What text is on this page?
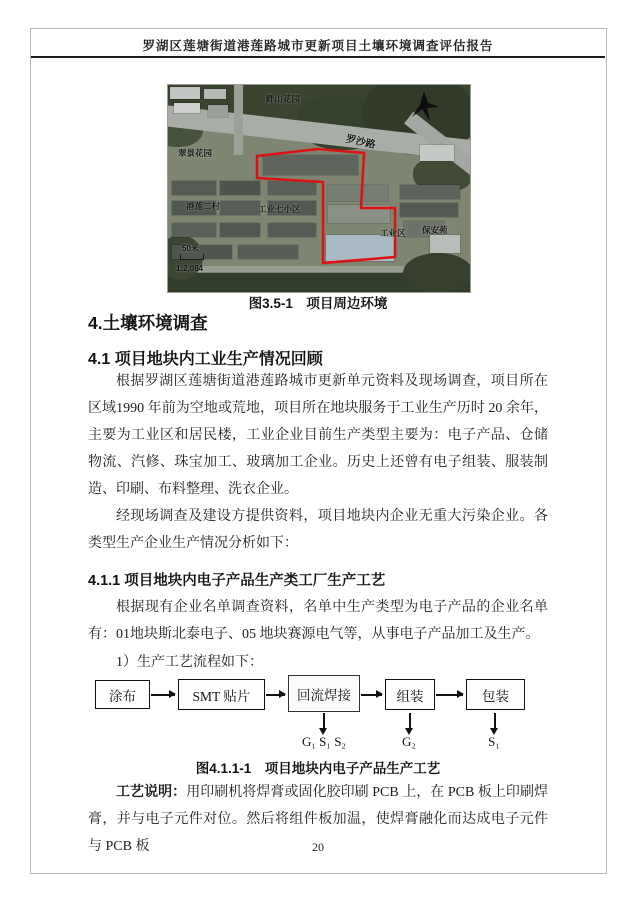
罗湖区莲塘街道港莲路城市更新项目土壤环境调查评估报告
罗沙路
畔山花园
翠景花园
港莲二村	工业七小区
工业区 保安苑
50米
1:2,084
图3.5-1　项目周边环境
4.土壤环境调查
4.1 项目地块内工业生产情况回顾
根据罗湖区莲塘街道港莲路城市更新单元资料及现场调查，项目所在区域1990 年前为空地或荒地，项目所在地块服务于工业生产历时 20 余年，主要为工业区和居民楼，工业企业目前生产类型主要为：电子产品、仓储物流、汽修、珠宝加工、玻璃加工企业。历史上还曾有电子组装、服装制造、印刷、布料整理、洗衣企业。
经现场调查及建设方提供资料，项目地块内企业无重大污染企业。各类型生产企业生产情况分析如下：
4.1.1 项目地块内电子产品生产类工厂生产工艺
根据现有企业名单调查资料，名单中生产类型为电子产品的企业名单有：01地块斯北泰电子、05 地块赛源电气等，从事电子产品加工及生产。
1）生产工艺流程如下：
涂布	SMT 贴片	回流焊接	组装	包装
G₁ S₁ S₂	G₂	S₁
图4.1.1-1　项目地块内电子产品生产工艺
工艺说明：用印刷机将焊膏或固化胶印刷 PCB 上，在 PCB 板上印刷焊膏，并与电子元件对位。然后将组件板加温，使焊膏融化而达成电子元件与 PCB 板	20
